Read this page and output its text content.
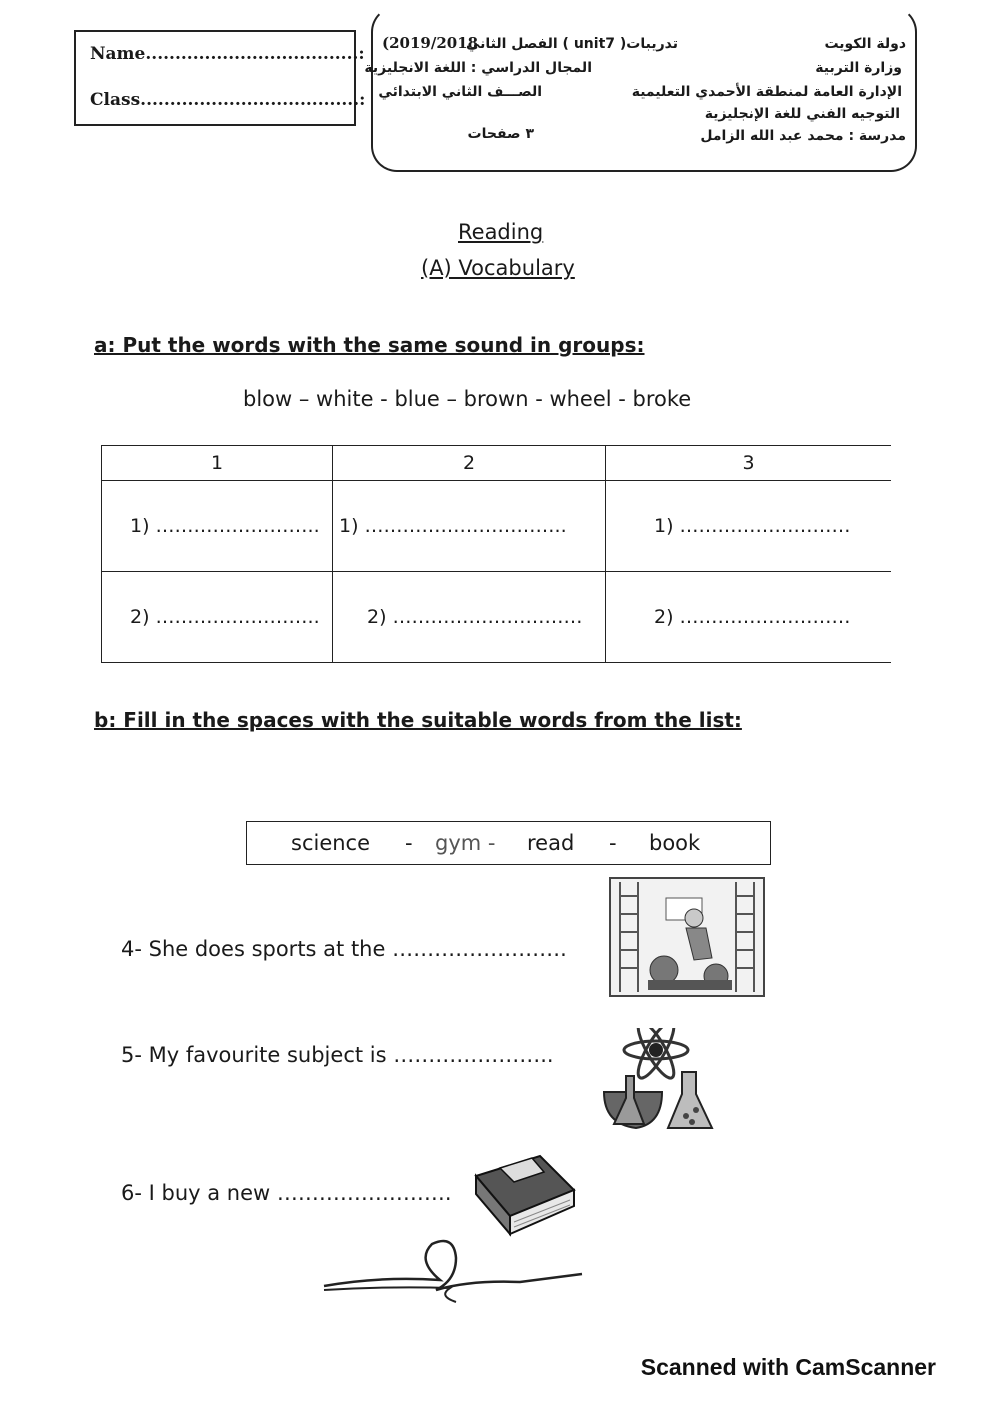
Name....................................:
Class.....................................:
(2019/2018
تدريبات( unit7 ) الفصل الثاني	دولة الكويت
المجال الدراسي : اللغة الانجليزية	وزارة التربية
الصـــف الثاني الابتدائي	الإدارة العامة لمنطقة الأحمدي التعليمية
التوجيه الفني للغة الإنجليزية
٣ صفحات	مدرسة : محمد عبد الله الزامل
Reading
(A) Vocabulary
a: Put the words with the same sound in groups:
blow – white - blue – brown - wheel - broke
1	2	3
1) ……………………..	1) …………………………..	1) ………………………
2) ……………………..	2) …………………………	2) ………………………
b: Fill in the spaces with the suitable words from the list:
science - gym - read - book
4- She does sports at the …………………….
5- My favourite subject is …………………..
6- I buy a new …………………….
Scanned with CamScanner
